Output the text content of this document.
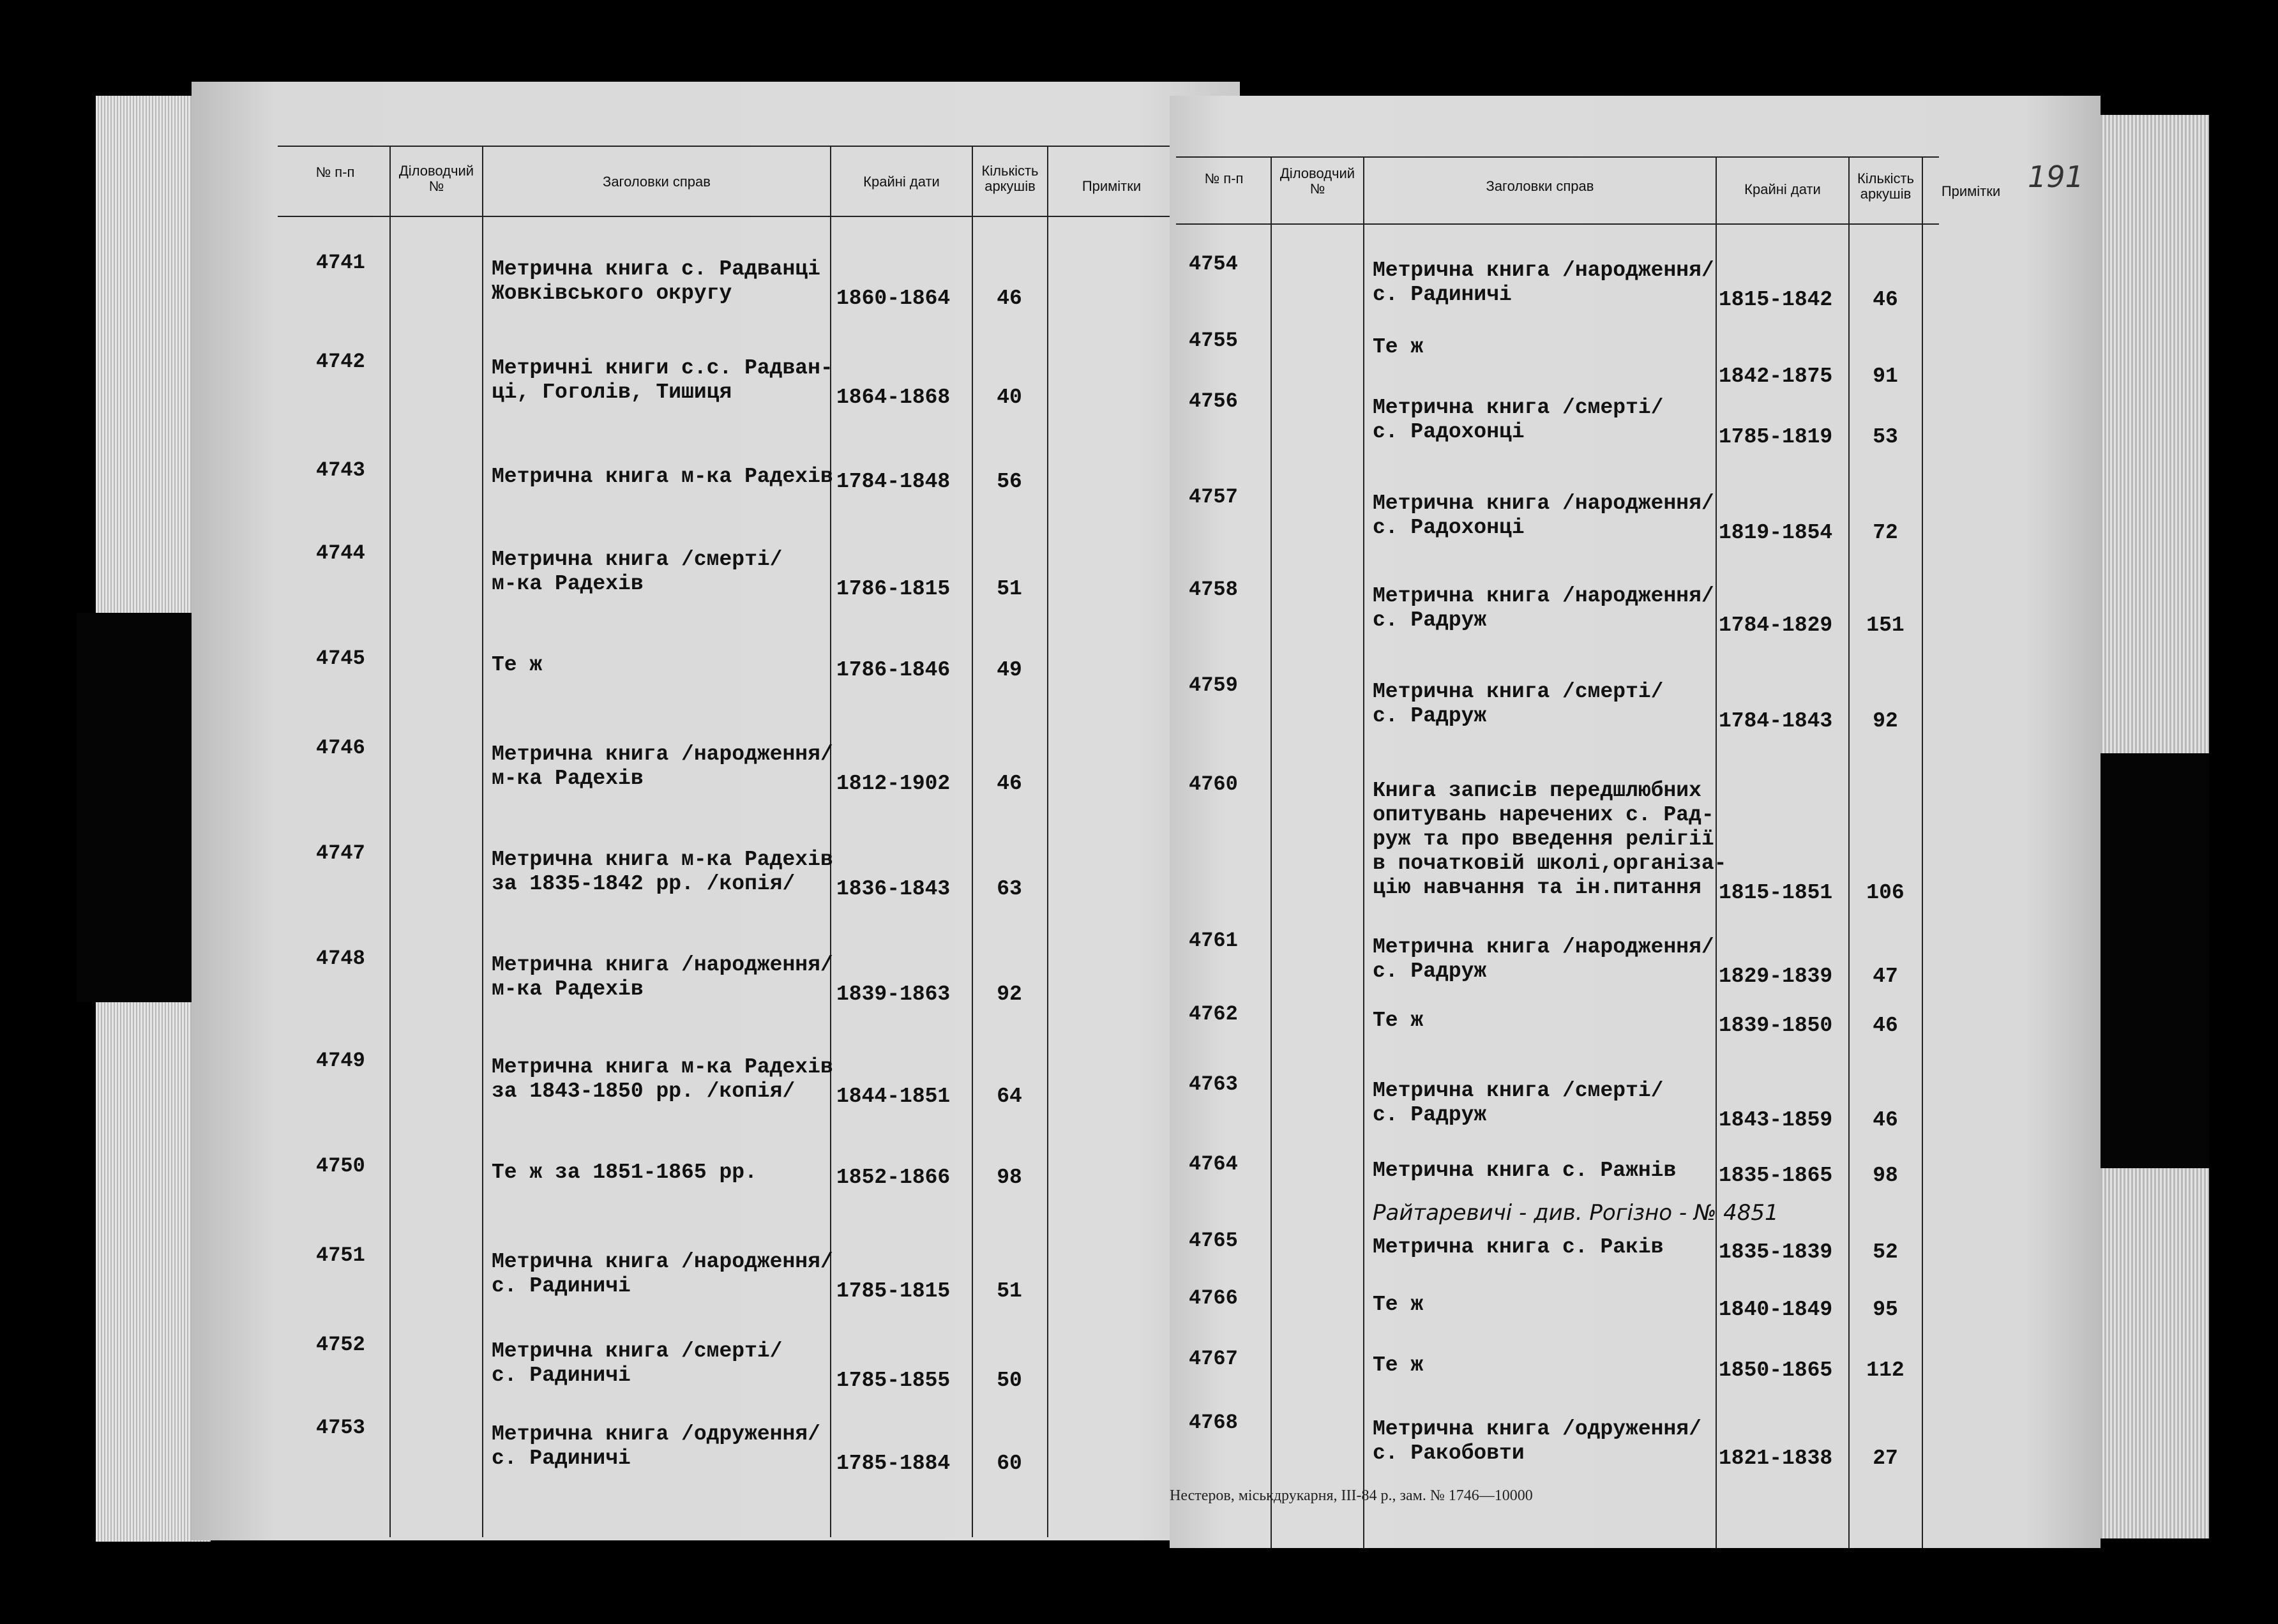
№ п-п	Діловодчий №	Заголовки справ	Крайні дати
Кількість аркушів	Примітки
4741	Метрична книга с. Радванці
Жовківського округу	1860-1864	46
4742	Метричні книги с.с. Радван-
ці, Гоголів, Тишиця	1864-1868	40
4743	Метрична книга м-ка Радехів 1784-1848	56
4744	Метрична книга /смерті/
м-ка Радехів	1786-1815	51
4745	Те ж	1786-1846	49
4746	Метрична книга /народження/
м-ка Радехів	1812-1902	46
4747	Метрична книга м-ка Радехів
за 1835-1842 рр. /копія/	1836-1843	63
4748	Метрична книга /народження/
м-ка Радехів	1839-1863	92
4749	Метрична книга м-ка Радехів
за 1843-1850 рр. /копія/	1844-1851	64
4750	Те ж за 1851-1865 рр.	1852-1866	98
4751	Метрична книга /народження/
с. Радиничі	1785-1815	51
4752	Метрична книга /смерті/
с. Радиничі	1785-1855	50
4753	Метрична книга /одруження/
с. Радиничі	1785-1884	60
№ п-п	Діловодчий №	Заголовки справ	Крайні дати
Кількість аркушів	Примітки 191
4754	Метрична книга /народження/
с. Радиничі	1815-1842	46
4755	Те ж
1842-1875	91
4756	Метрична книга /смерті/
с. Радохонці	1785-1819	53
4757	Метрична книга /народження/
с. Радохонці	1819-1854	72
4758	Метрична книга /народження/
с. Радруж	1784-1829	151
4759	Метрична книга /смерті/
с. Радруж	1784-1843	92
4760	Книга записів передшлюбних
опитувань наречених с. Рад-
руж та про введення релігії
в початковій школі,організа-
цію навчання та ін.питання 1815-1851	106
4761	Метрична книга /народження/
с. Радруж	1829-1839	47
4762	Те ж	1839-1850	46
4763	Метрична книга /смерті/
с. Радруж	1843-1859	46
4764	Метрична книга с. Ражнів 1835-1865	98
4765	Метрична книга с. Раків	1835-1839	52
4766	Те ж	1840-1849	95
4767	Те ж	1850-1865	112
4768	Метрична книга /одруження/
с. Ракобовти	1821-1838	27
Райтаревичі - див. Рогізно - № 4851
Нестеров, міськдрукарня, III-84 р., зам. № 1746—10000
